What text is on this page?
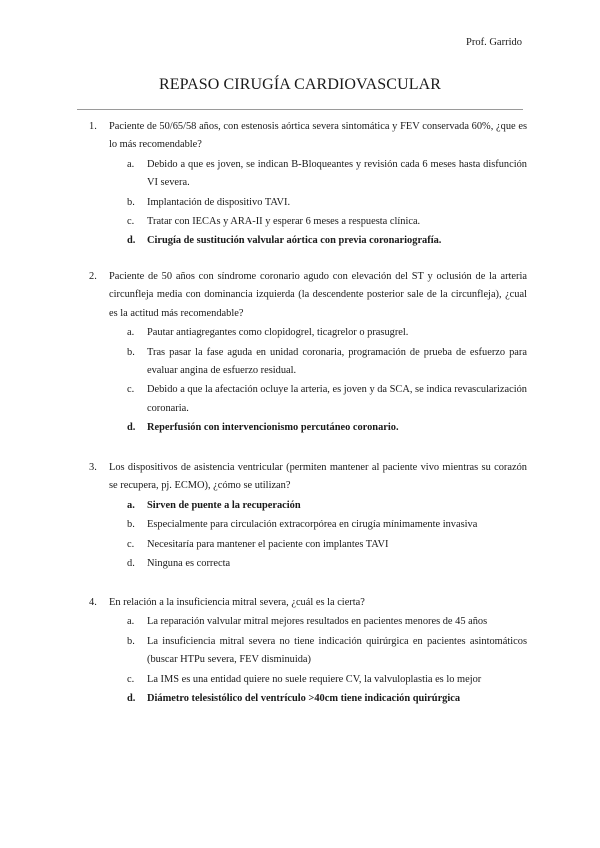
Prof. Garrido
REPASO CIRUGÍA CARDIOVASCULAR
1. Paciente de 50/65/58 años, con estenosis aórtica severa sintomática y FEV conservada 60%, ¿que es lo más recomendable?
a. Debido a que es joven, se indican B-Bloqueantes y revisión cada 6 meses hasta disfunción VI severa.
b. Implantación de dispositivo TAVI.
c. Tratar con IECAs y ARA-II y esperar 6 meses a respuesta clínica.
d. Cirugía de sustitución valvular aórtica con previa coronariografía.
2. Paciente de 50 años con síndrome coronario agudo con elevación del ST y oclusión de la arteria circunfleja media con dominancia izquierda (la descendente posterior sale de la circunfleja), ¿cual es la actitud más recomendable?
a. Pautar antiagregantes como clopidogrel, ticagrelor o prasugrel.
b. Tras pasar la fase aguda en unidad coronaria, programación de prueba de esfuerzo para evaluar angina de esfuerzo residual.
c. Debido a que la afectación ocluye la arteria, es joven y da SCA, se indica revascularización coronaria.
d. Reperfusión con intervencionismo percutáneo coronario.
3. Los dispositivos de asistencia ventricular (permiten mantener al paciente vivo mientras su corazón se recupera, pj. ECMO), ¿cómo se utilizan?
a. Sirven de puente a la recuperación
b. Especialmente para circulación extracorpórea en cirugía mínimamente invasiva
c. Necesitaría para mantener el paciente con implantes TAVI
d. Ninguna es correcta
4. En relación a la insuficiencia mitral severa, ¿cuál es la cierta?
a. La reparación valvular mitral mejores resultados en pacientes menores de 45 años
b. La insuficiencia mitral severa no tiene indicación quirúrgica en pacientes asintomáticos (buscar HTPu severa, FEV disminuida)
c. La IMS es una entidad quiere no suele requiere CV, la valvuloplastia es lo mejor
d. Diámetro telesistólico del ventrículo >40cm tiene indicación quirúrgica
